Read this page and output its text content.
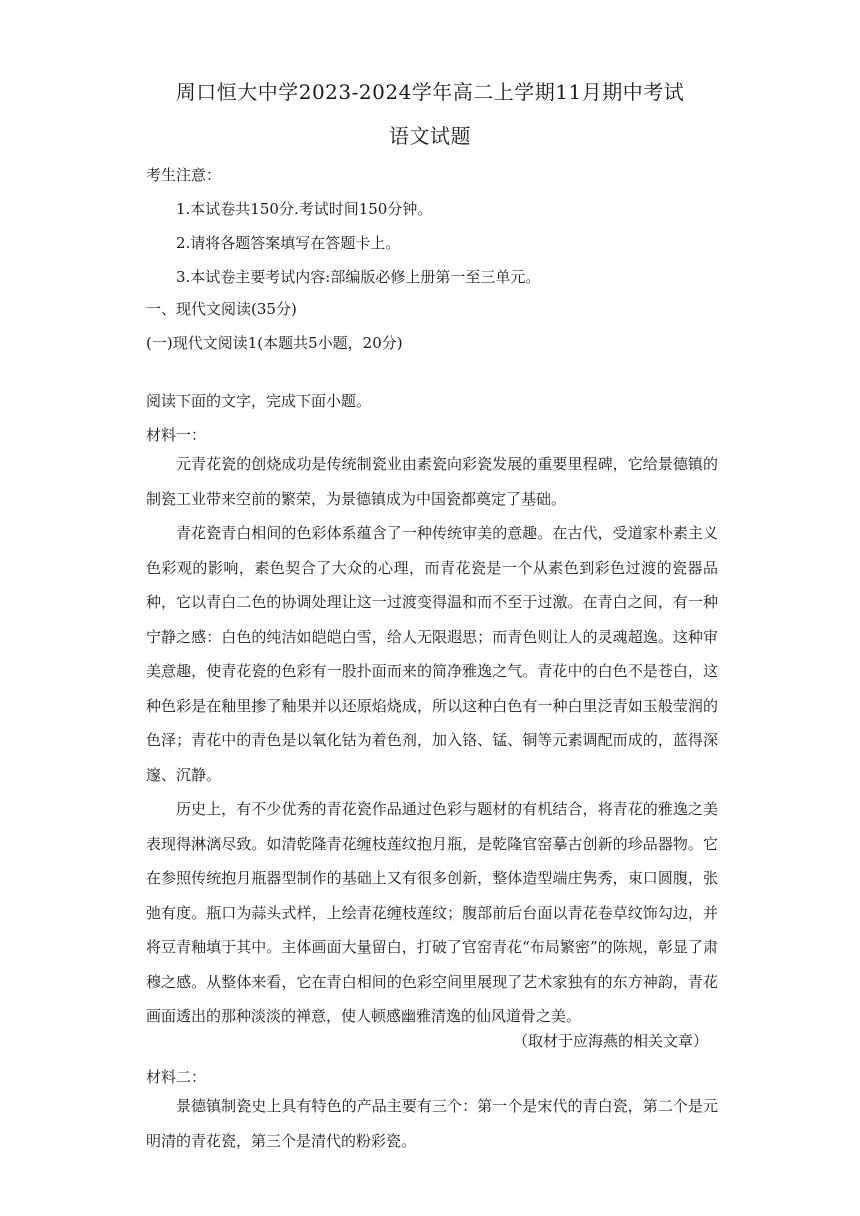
周口恒大中学2023-2024学年高二上学期11月期中考试
语文试题
考生注意：
1.本试卷共150分.考试时间150分钟。
2.请将各题答案填写在答题卡上。
3.本试卷主要考试内容:部编版必修上册第一至三单元。
一、现代文阅读(35分)
(一)现代文阅读1(本题共5小题，20分)
阅读下面的文字，完成下面小题。
材料一：
元青花瓷的创烧成功是传统制瓷业由素瓷向彩瓷发展的重要里程碑，它给景德镇的制瓷工业带来空前的繁荣，为景德镇成为中国瓷都奠定了基础。
青花瓷青白相间的色彩体系蕴含了一种传统审美的意趣。在古代，受道家朴素主义色彩观的影响，素色契合了大众的心理，而青花瓷是一个从素色到彩色过渡的瓷器品种，它以青白二色的协调处理让这一过渡变得温和而不至于过激。在青白之间，有一种宁静之感：白色的纯洁如皑皑白雪，给人无限遐思；而青色则让人的灵魂超逸。这种审美意趣，使青花瓷的色彩有一股扑面而来的简净雅逸之气。青花中的白色不是苍白，这种色彩是在釉里掺了釉果并以还原焰烧成，所以这种白色有一种白里泛青如玉般莹润的色泽；青花中的青色是以氧化钴为着色剂，加入铬、锰、铜等元素调配而成的，蓝得深邃、沉静。
历史上，有不少优秀的青花瓷作品通过色彩与题材的有机结合，将青花的雅逸之美表现得淋漓尽致。如清乾隆青花缠枝莲纹抱月瓶，是乾隆官窑摹古创新的珍品器物。它在参照传统抱月瓶器型制作的基础上又有很多创新，整体造型端庄隽秀，束口圆腹，张弛有度。瓶口为蒜头式样，上绘青花缠枝莲纹；腹部前后台面以青花卷草纹饰勾边，并将豆青釉填于其中。主体画面大量留白，打破了官窑青花“布局繁密”的陈规，彰显了肃穆之感。从整体来看，它在青白相间的色彩空间里展现了艺术家独有的东方神韵，青花画面透出的那种淡淡的禅意，使人顿感幽雅清逸的仙风道骨之美。
（取材于应海燕的相关文章）
材料二：
景德镇制瓷史上具有特色的产品主要有三个：第一个是宋代的青白瓷，第二个是元明清的青花瓷，第三个是清代的粉彩瓷。
